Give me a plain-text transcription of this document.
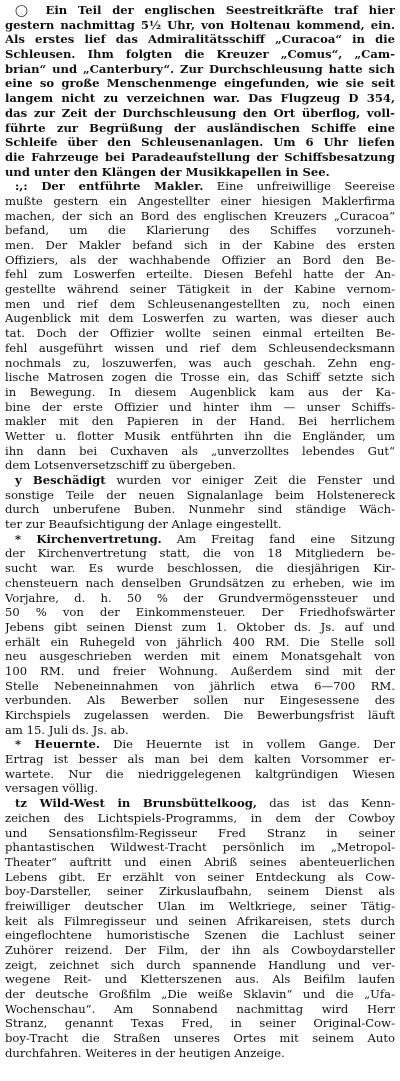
◯ Ein Teil der englischen Seestreitkräfte traf hier
gestern nachmittag 5½ Uhr, von Holtenau kommend, ein.
Als erstes lief das Admiralitätsschiff „Curacoa“ in die
Schleusen. Ihm folgten die Kreuzer „Comus“, „Cam-
brian“ und „Canterbury“. Zur Durchschleusung hatte sich
eine so große Menschenmenge eingefunden, wie sie seit
langem nicht zu verzeichnen war. Das Flugzeug D 354,
das zur Zeit der Durchschleusung den Ort überflog, voll-
führte zur Begrüßung der ausländischen Schiffe eine
Schleife über den Schleusenanlagen. Um 6 Uhr liefen
die Fahrzeuge bei Paradeaufstellung der Schiffsbesatzung
und unter den Klängen der Musikkapellen in See.
:,: Der entführte Makler. Eine unfreiwillige Seereise
mußte gestern ein Angestellter einer hiesigen Maklerfirma
machen, der sich an Bord des englischen Kreuzers „Curacoa“
befand, um die Klarierung des Schiffes vorzuneh-
men. Der Makler befand sich in der Kabine des ersten
Offiziers, als der wachhabende Offizier an Bord den Be-
fehl zum Loswerfen erteilte. Diesen Befehl hatte der An-
gestellte während seiner Tätigkeit in der Kabine vernom-
men und rief dem Schleusenangestellten zu, noch einen
Augenblick mit dem Loswerfen zu warten, was dieser auch
tat. Doch der Offizier wollte seinen einmal erteilten Be-
fehl ausgeführt wissen und rief dem Schleusendecksmann
nochmals zu, loszuwerfen, was auch geschah. Zehn eng-
lische Matrosen zogen die Trosse ein, das Schiff setzte sich
in Bewegung. In diesem Augenblick kam aus der Ka-
bine der erste Offizier und hinter ihm — unser Schiffs-
makler mit den Papieren in der Hand. Bei herrlichem
Wetter u. flotter Musik entführten ihn die Engländer, um
ihn dann bei Cuxhaven als „unverzolltes lebendes Gut“
dem Lotsenversetzschiff zu übergeben.
y Beschädigt wurden vor einiger Zeit die Fenster und
sonstige Teile der neuen Signalanlage beim Holstenereck
durch unberufene Buben. Nunmehr sind ständige Wäch-
ter zur Beaufsichtigung der Anlage eingestellt.
* Kirchenvertretung. Am Freitag fand eine Sitzung
der Kirchenvertretung statt, die von 18 Mitgliedern be-
sucht war. Es wurde beschlossen, die diesjährigen Kir-
chensteuern nach denselben Grundsätzen zu erheben, wie im
Vorjahre, d. h. 50 % der Grundvermögenssteuer und
50 % von der Einkommensteuer. Der Friedhofswärter
Jebens gibt seinen Dienst zum 1. Oktober ds. Js. auf und
erhält ein Ruhegeld von jährlich 400 RM. Die Stelle soll
neu ausgeschrieben werden mit einem Monatsgehalt von
100 RM. und freier Wohnung. Außerdem sind mit der
Stelle Nebeneinnahmen von jährlich etwa 6—700 RM.
verbunden. Als Bewerber sollen nur Eingesessene des
Kirchspiels zugelassen werden. Die Bewerbungsfrist läuft
am 15. Juli ds. Js. ab.
* Heuernte. Die Heuernte ist in vollem Gange. Der
Ertrag ist besser als man bei dem kalten Vorsommer er-
wartete. Nur die niedriggelegenen kaltgründigen Wiesen
versagen völlig.
tz Wild-West in Brunsbüttelkoog, das ist das Kenn-
zeichen des Lichtspiels-Programms, in dem der Cowboy
und Sensationsfilm-Regisseur Fred Stranz in seiner
phantastischen Wildwest-Tracht persönlich im „Metropol-
Theater“ auftritt und einen Abriß seines abenteuerlichen
Lebens gibt. Er erzählt von seiner Entdeckung als Cow-
boy-Darsteller, seiner Zirkuslaufbahn, seinem Dienst als
freiwilliger deutscher Ulan im Weltkriege, seiner Tätig-
keit als Filmregisseur und seinen Afrikareisen, stets durch
eingeflochtene humoristische Szenen die Lachlust seiner
Zuhörer reizend. Der Film, der ihn als Cowboydarsteller
zeigt, zeichnet sich durch spannende Handlung und ver-
wegene Reit- und Kletterszenen aus. Als Beifilm laufen
der deutsche Großfilm „Die weiße Sklavin“ und die „Ufa-
Wochenschau“. Am Sonnabend nachmittag wird Herr
Stranz, genannt Texas Fred, in seiner Original-Cow-
boy-Tracht die Straßen unseres Ortes mit seinem Auto
durchfahren. Weiteres in der heutigen Anzeige.
